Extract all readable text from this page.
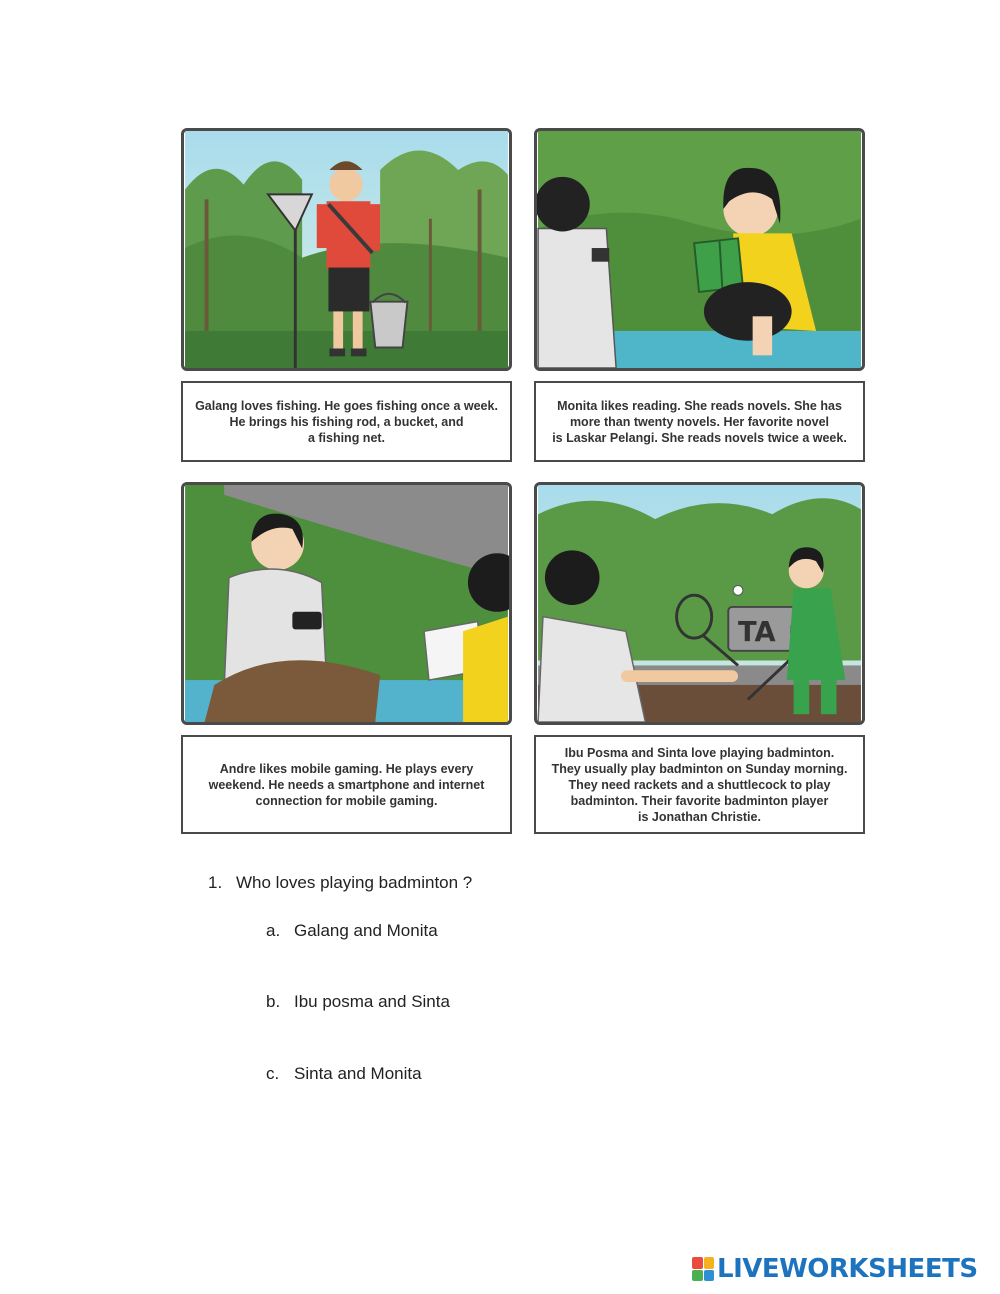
Galang loves fishing. He goes fishing once a week.
He brings his fishing rod, a bucket, and
a fishing net.
Monita likes reading. She reads novels. She has
more than twenty novels. Her favorite novel
is Laskar Pelangi. She reads novels twice a week.
Andre likes mobile gaming. He plays every
weekend. He needs a smartphone and internet
connection for mobile gaming.
TA
Ibu Posma and Sinta love playing badminton.
They usually play badminton on Sunday morning.
They need rackets and a shuttlecock to play
badminton. Their favorite badminton player
is Jonathan Christie.
1. Who loves playing badminton ?
a. Galang and Monita
b. Ibu posma and Sinta
c. Sinta and Monita
LIVEWORKSHEETS
